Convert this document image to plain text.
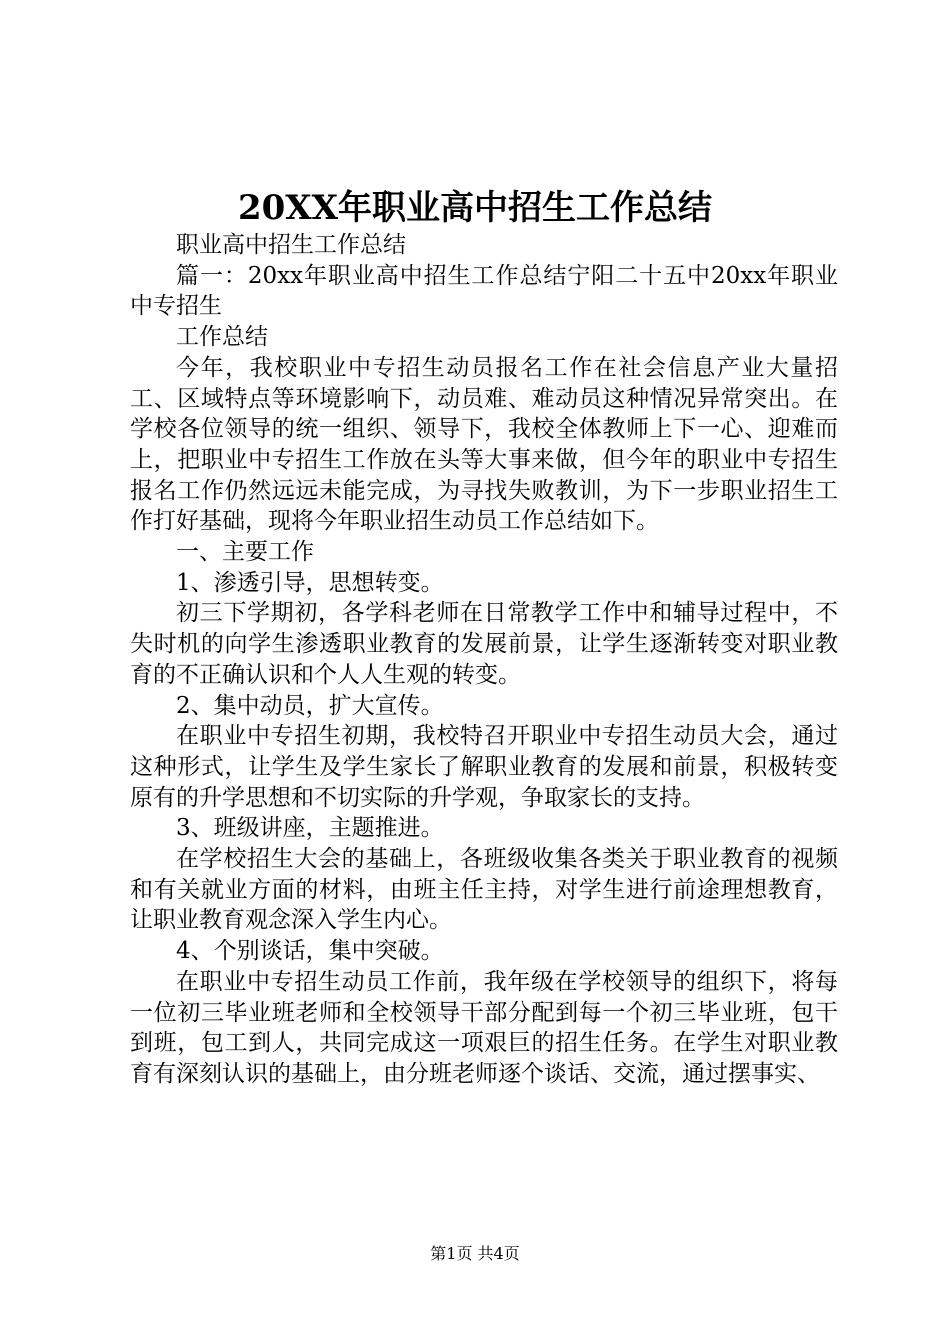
20XX年职业高中招生工作总结

职业高中招生工作总结

篇一：20xx年职业高中招生工作总结宁阳二十五中20xx年职业中专招生

工作总结

今年，我校职业中专招生动员报名工作在社会信息产业大量招工、区域特点等环境影响下，动员难、难动员这种情况异常突出。在学校各位领导的统一组织、领导下，我校全体教师上下一心、迎难而上，把职业中专招生工作放在头等大事来做，但今年的职业中专招生报名工作仍然远远未能完成，为寻找失败教训，为下一步职业招生工作打好基础，现将今年职业招生动员工作总结如下。

一、主要工作

1、渗透引导，思想转变。

初三下学期初，各学科老师在日常教学工作中和辅导过程中，不失时机的向学生渗透职业教育的发展前景，让学生逐渐转变对职业教育的不正确认识和个人人生观的转变。

2、集中动员，扩大宣传。

在职业中专招生初期，我校特召开职业中专招生动员大会，通过这种形式，让学生及学生家长了解职业教育的发展和前景，积极转变原有的升学思想和不切实际的升学观，争取家长的支持。

3、班级讲座，主题推进。

在学校招生大会的基础上，各班级收集各类关于职业教育的视频和有关就业方面的材料，由班主任主持，对学生进行前途理想教育，让职业教育观念深入学生内心。

4、个别谈话，集中突破。

在职业中专招生动员工作前，我年级在学校领导的组织下，将每一位初三毕业班老师和全校领导干部分配到每一个初三毕业班，包干到班，包工到人，共同完成这一项艰巨的招生任务。在学生对职业教育有深刻认识的基础上，由分班老师逐个谈话、交流，通过摆事实、

第1页 共4页
